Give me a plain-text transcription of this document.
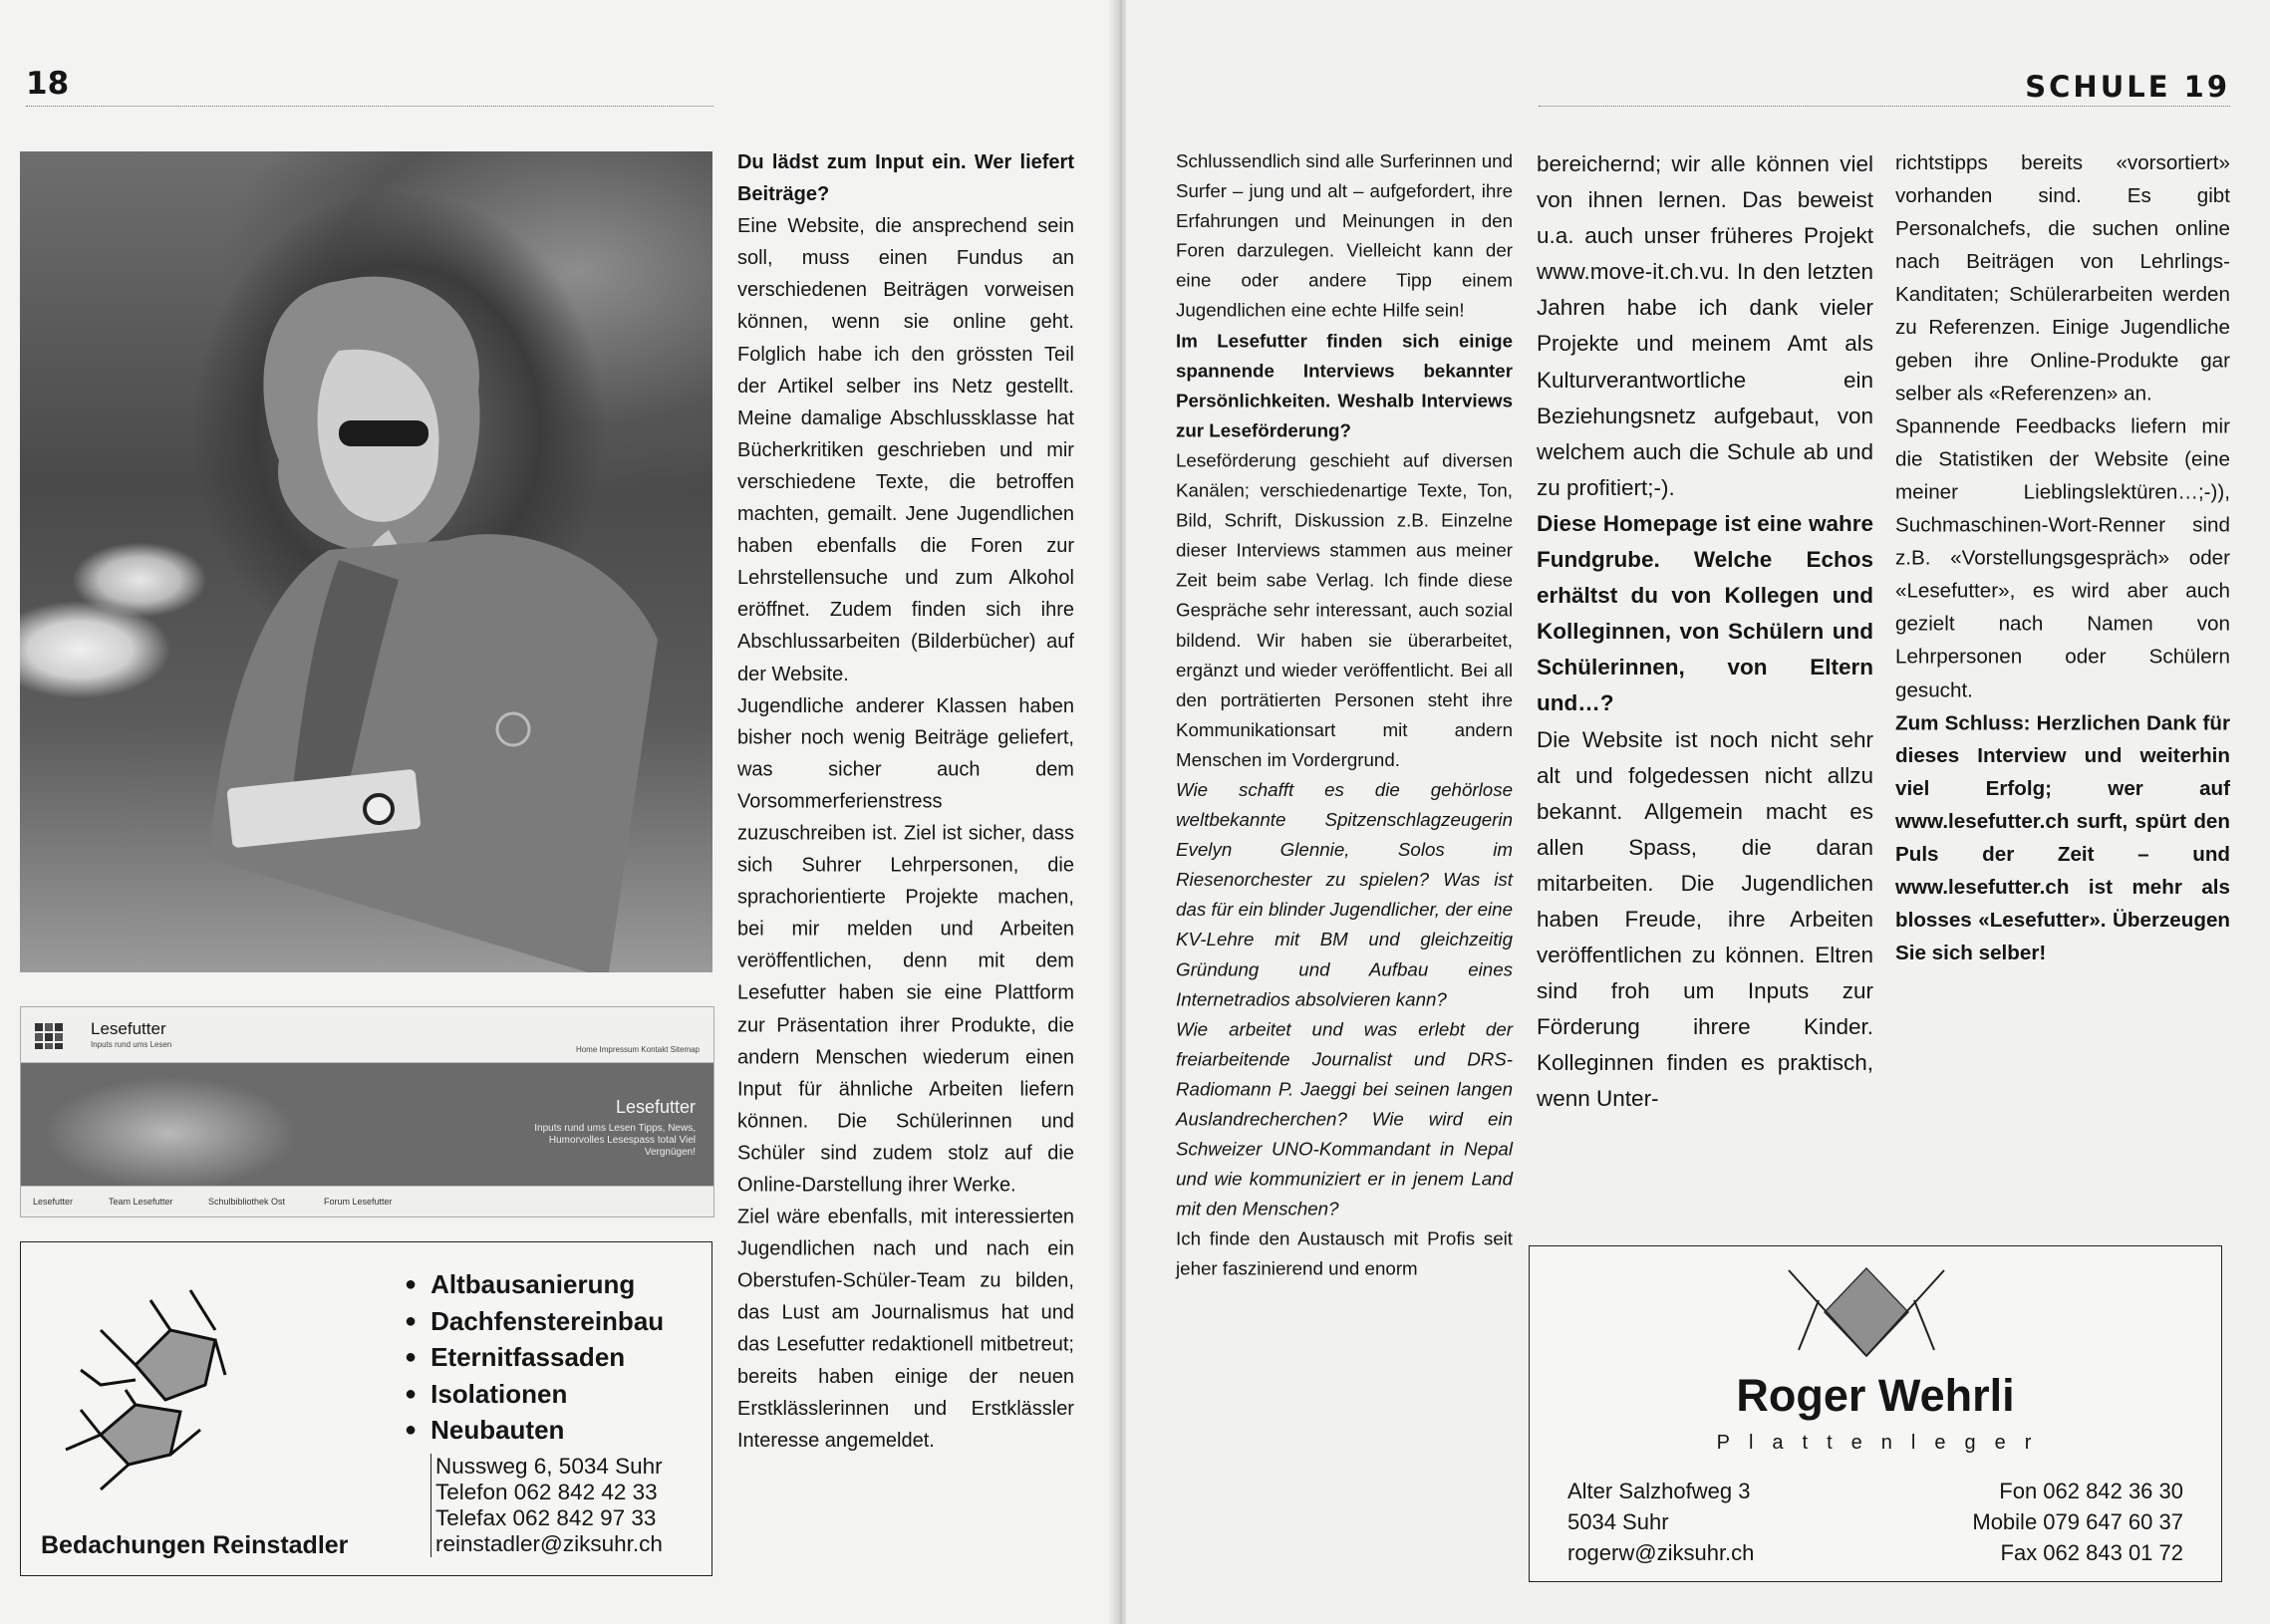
18
Lesefutter
Inputs rund ums Lesen
Home Impressum Kontakt Sitemap
Lesefutter
Inputs rund ums Lesen Tipps, News, Humorvolles Lesespass total Viel Vergnügen!
Lesefutter	Team Lesefutter	Schulbibliothek Ost	Forum Lesefutter
● Altbausanierung
● Dachfenstereinbau
● Eternitfassaden
● Isolationen
● Neubauten
Nussweg 6, 5034 Suhr
Telefon 062 842 42 33
Telefax 062 842 97 33
reinstadler@ziksuhr.ch
Bedachungen Reinstadler

Du lädst zum Input ein. Wer liefert Beiträge?

Eine Website, die ansprechend sein soll, muss einen Fundus an verschiedenen Beiträgen vorweisen können, wenn sie online geht. Folglich habe ich den grössten Teil der Artikel selber ins Netz gestellt. Meine damalige Abschlussklasse hat Bücherkritiken geschrieben und mir verschiedene Texte, die betroffen machten, gemailt. Jene Jugendlichen haben ebenfalls die Foren zur Lehrstellensuche und zum Alkohol eröffnet. Zudem finden sich ihre Abschlussarbeiten (Bilderbücher) auf der Website.

Jugendliche anderer Klassen haben bisher noch wenig Beiträge geliefert, was sicher auch dem Vorsommerferienstress zuzuschreiben ist. Ziel ist sicher, dass sich Suhrer Lehrpersonen, die sprachorientierte Projekte machen, bei mir melden und Arbeiten veröffentlichen, denn mit dem Lesefutter haben sie eine Plattform zur Präsentation ihrer Produkte, die andern Menschen wiederum einen Input für ähnliche Arbeiten liefern können. Die Schülerinnen und Schüler sind zudem stolz auf die Online-Darstellung ihrer Werke.

Ziel wäre ebenfalls, mit interessierten Jugendlichen nach und nach ein Oberstufen-Schüler-Team zu bilden, das Lust am Journalismus hat und das Lesefutter redaktionell mitbetreut; bereits haben einige der neuen Erstklässlerinnen und Erstklässler Interesse angemeldet.

SCHULE 19

Schlussendlich sind alle Surferinnen und Surfer – jung und alt – aufgefordert, ihre Erfahrungen und Meinungen in den Foren darzulegen. Vielleicht kann der eine oder andere Tipp einem Jugendlichen eine echte Hilfe sein!

Im Lesefutter finden sich einige spannende Interviews bekannter Persönlichkeiten. Weshalb Interviews zur Leseförderung?

Leseförderung geschieht auf diversen Kanälen; verschiedenartige Texte, Ton, Bild, Schrift, Diskussion z.B. Einzelne dieser Interviews stammen aus meiner Zeit beim sabe Verlag. Ich finde diese Gespräche sehr interessant, auch sozial bildend. Wir haben sie überarbeitet, ergänzt und wieder veröffentlicht. Bei all den porträtierten Personen steht ihre Kommunikationsart mit andern Menschen im Vordergrund.

Wie schafft es die gehörlose weltbekannte Spitzenschlagzeugerin Evelyn Glennie, Solos im Riesenorchester zu spielen? Was ist das für ein blinder Jugendlicher, der eine KV-Lehre mit BM und gleichzeitig Gründung und Aufbau eines Internetradios absolvieren kann?

Wie arbeitet und was erlebt der freiarbeitende Journalist und DRS-Radiomann P. Jaeggi bei seinen langen Auslandrecherchen? Wie wird ein Schweizer UNO-Kommandant in Nepal und wie kommuniziert er in jenem Land mit den Menschen?

Ich finde den Austausch mit Profis seit jeher faszinierend und enorm

bereichernd; wir alle können viel von ihnen lernen. Das beweist u.a. auch unser früheres Projekt www.move-it.ch.vu. In den letzten Jahren habe ich dank vieler Projekte und meinem Amt als Kulturverantwortliche ein Beziehungsnetz aufgebaut, von welchem auch die Schule ab und zu profitiert;-).

Diese Homepage ist eine wahre Fundgrube. Welche Echos erhältst du von Kollegen und Kolleginnen, von Schülern und Schülerinnen, von Eltern und…?

Die Website ist noch nicht sehr alt und folgedessen nicht allzu bekannt. Allgemein macht es allen Spass, die daran mitarbeiten. Die Jugendlichen haben Freude, ihre Arbeiten veröffentlichen zu können. Eltren sind froh um Inputs zur Förderung ihrere Kinder. Kolleginnen finden es praktisch, wenn Unter-

richtstipps bereits «vorsortiert» vorhanden sind. Es gibt Personalchefs, die suchen online nach Beiträgen von Lehrlings-Kanditaten; Schülerarbeiten werden zu Referenzen. Einige Jugendliche geben ihre Online-Produkte gar selber als «Referenzen» an.

Spannende Feedbacks liefern mir die Statistiken der Website (eine meiner Lieblingslektüren…;-)), Suchmaschinen-Wort-Renner sind z.B. «Vorstellungsgespräch» oder «Lesefutter», es wird aber auch gezielt nach Namen von Lehrpersonen oder Schülern gesucht.

Zum Schluss: Herzlichen Dank für dieses Interview und weiterhin viel Erfolg; wer auf www.lesefutter.ch surft, spürt den Puls der Zeit – und www.lesefutter.ch ist mehr als blosses «Lesefutter». Überzeugen Sie sich selber!

Roger Wehrli
Plattenleger
Alter Salzhofweg 3
5034 Suhr
rogerw@ziksuhr.ch
Fon 062 842 36 30
Mobile 079 647 60 37
Fax 062 843 01 72
